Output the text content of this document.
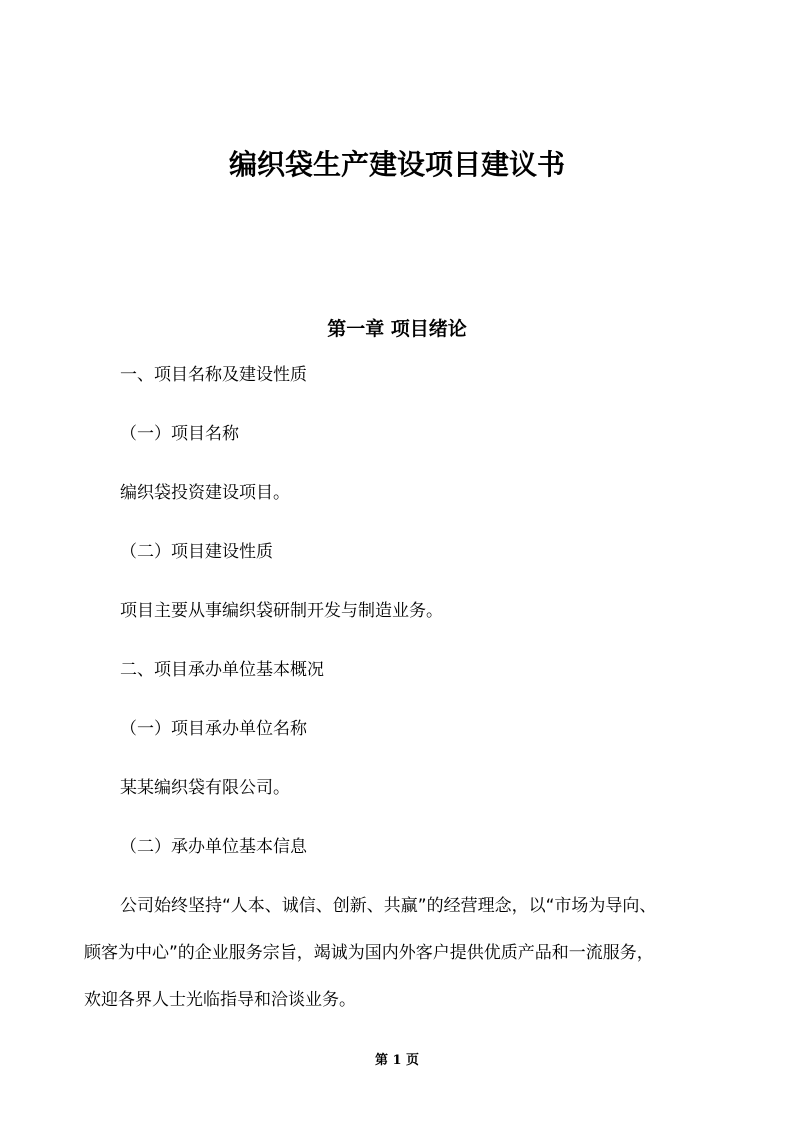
编织袋生产建设项目建议书
第一章 项目绪论
一、项目名称及建设性质
（一）项目名称
编织袋投资建设项目。
（二）项目建设性质
项目主要从事编织袋研制开发与制造业务。
二、项目承办单位基本概况
（一）项目承办单位名称
某某编织袋有限公司。
（二）承办单位基本信息
公司始终坚持“人本、诚信、创新、共赢”的经营理念，以“市场为导向、
顾客为中心”的企业服务宗旨，竭诚为国内外客户提供优质产品和一流服务，
欢迎各界人士光临指导和洽谈业务。
第 1 页
